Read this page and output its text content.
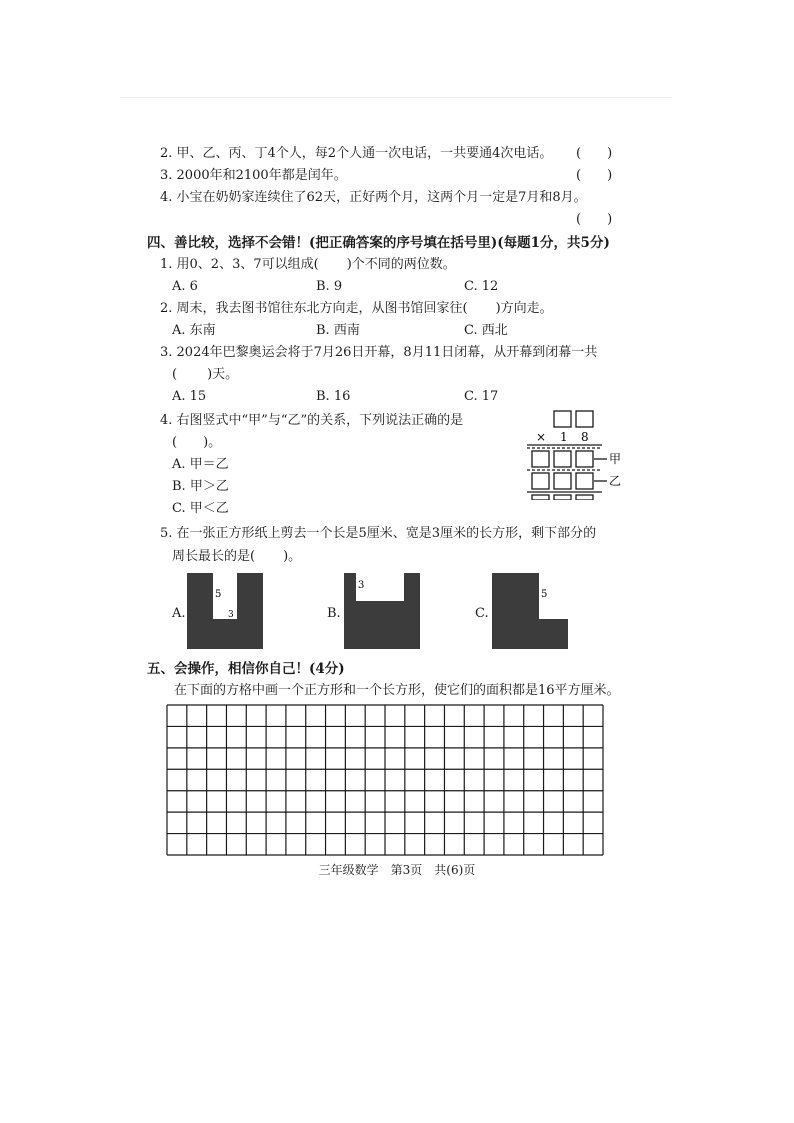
2. 甲、乙、丙、丁4个人，每2个人通一次电话，一共要通4次电话。 (　　)
3. 2000年和2100年都是闰年。	(　　)
4. 小宝在奶奶家连续住了62天，正好两个月，这两个月一定是7月和8月。
(　　)
四、善比较，选择不会错！(把正确答案的序号填在括号里)(每题1分，共5分)
1. 用0、2、3、7可以组成( )个不同的两位数。
A. 6	B. 9	C. 12
2. 周末，我去图书馆往东北方向走，从图书馆回家往( )方向走。
A. 东南	B. 西南	C. 西北
3. 2024年巴黎奥运会将于7月26日开幕，8月11日闭幕，从开幕到闭幕一共
( )天。
A. 15	B. 16	C. 17
4. 右图竖式中“甲”与“乙”的关系，下列说法正确的是
(　　)。
A. 甲＝乙
B. 甲＞乙
C. 甲＜乙
× 1 8
甲
乙
5. 在一张正方形纸上剪去一个长是5厘米、宽是3厘米的长方形，剩下部分的
周长最长的是( )。
A.
5
3	B.
3
C.
5
五、会操作，相信你自己！(4分)
在下面的方格中画一个正方形和一个长方形，使它们的面积都是16平方厘米。
三年级数学　第3页　共(6)页
